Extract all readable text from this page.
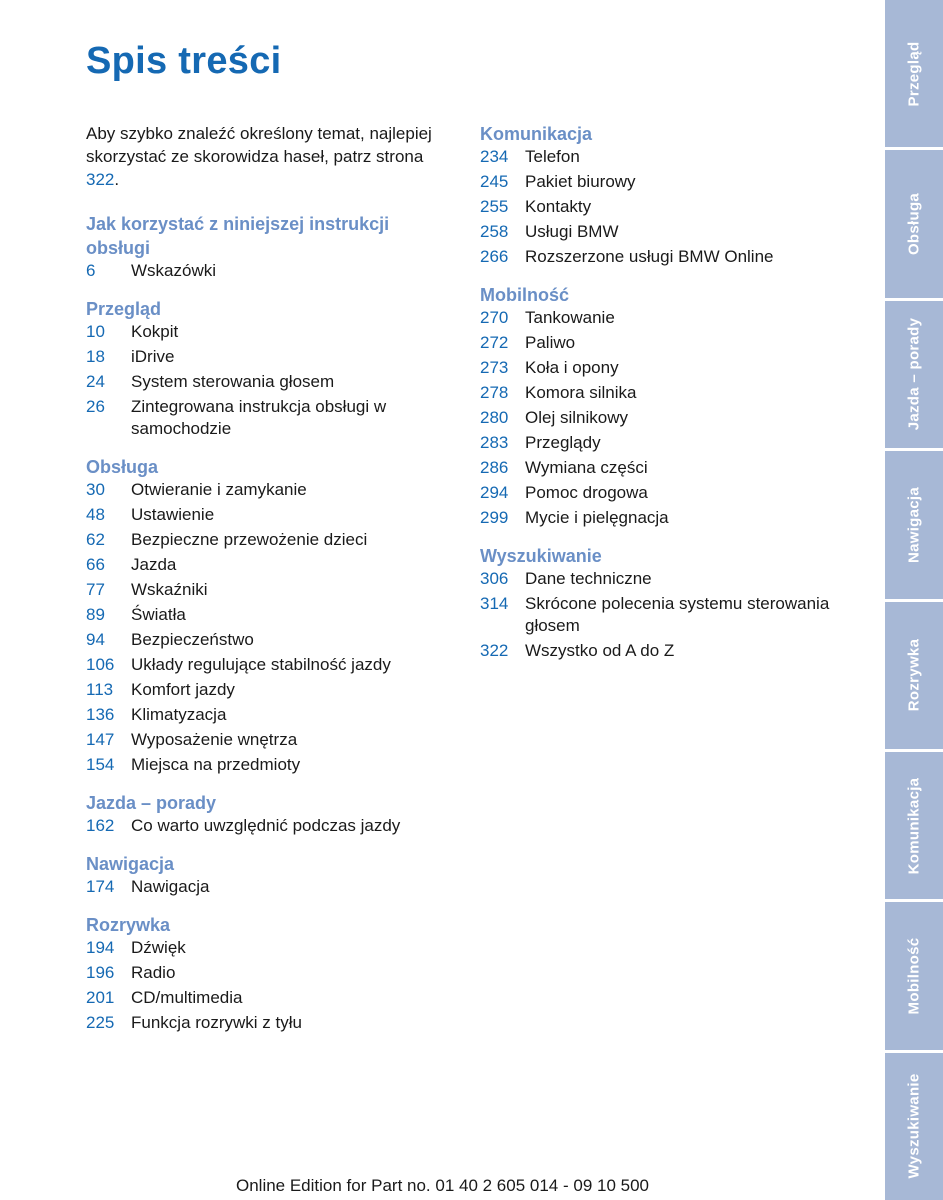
Spis treści

Aby szybko znaleźć określony temat, najlepiej skorzystać ze skorowidza haseł, patrz strona 322.

Jak korzystać z niniejszej instrukcji obsługi
6	Wskazówki
Przegląd
10	Kokpit
18	iDrive
24	System sterowania głosem
26	Zintegrowana instrukcja obsługi w samochodzie
Obsługa
30	Otwieranie i zamykanie
48	Ustawienie
62	Bezpieczne przewożenie dzieci
66	Jazda
77	Wskaźniki
89	Światła
94	Bezpieczeństwo
106 Układy regulujące stabilność jazdy
113	Komfort jazdy
136 Klimatyzacja
147 Wyposażenie wnętrza
154 Miejsca na przedmioty
Jazda – porady
162 Co warto uwzględnić podczas jazdy
Nawigacja
174 Nawigacja
Rozrywka
194 Dźwięk
196 Radio
201 CD/multimedia
225 Funkcja rozrywki z tyłu
Komunikacja
234 Telefon
245 Pakiet biurowy
255 Kontakty
258 Usługi BMW
266 Rozszerzone usługi BMW Online
Mobilność
270 Tankowanie
272 Paliwo
273 Koła i opony
278 Komora silnika
280 Olej silnikowy
283 Przeglądy
286 Wymiana części
294 Pomoc drogowa
299 Mycie i pielęgnacja
Wyszukiwanie
306 Dane techniczne
314 Skrócone polecenia systemu sterowania głosem
322 Wszystko od A do Z
Przegląd
Obsługa
Jazda – porady
Nawigacja
Rozrywka
Komunikacja
Mobilność
Wyszukiwanie
Online Edition for Part no. 01 40 2 605 014 - 09 10 500
